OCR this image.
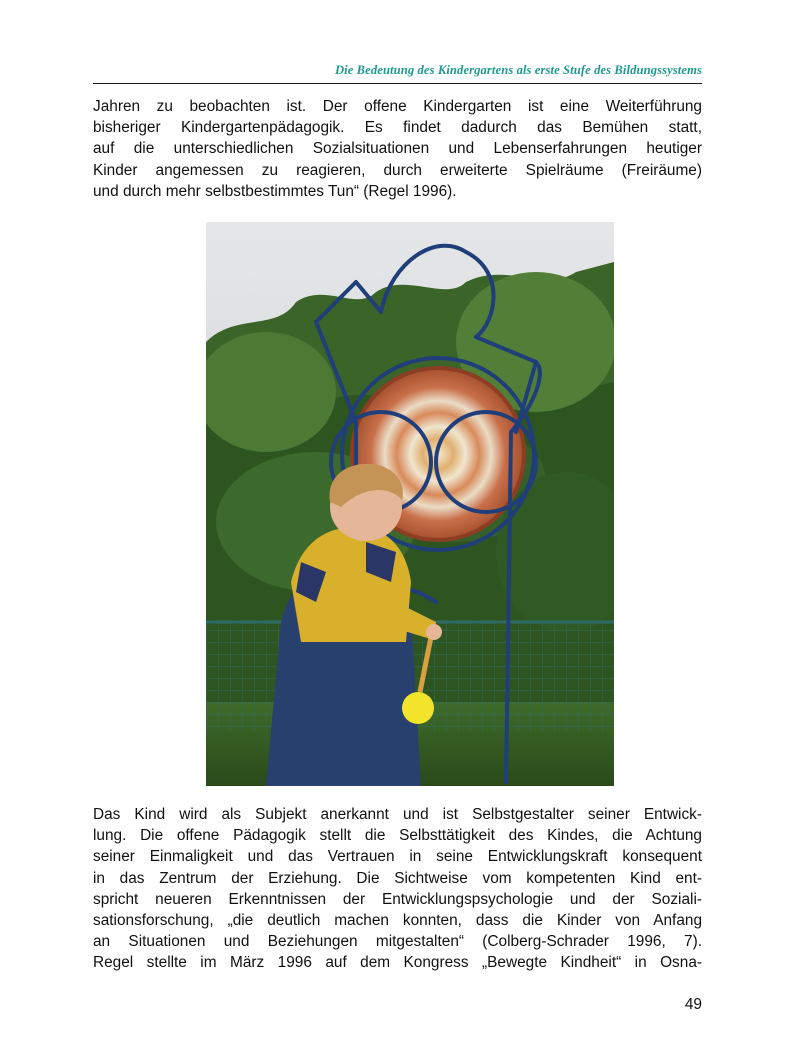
Die Bedeutung des Kindergartens als erste Stufe des Bildungssystems

Jahren zu beobachten ist. Der offene Kindergarten ist eine Weiterführung
bisheriger Kindergartenpädagogik. Es findet dadurch das Bemühen statt,
auf die unterschiedlichen Sozialsituationen und Lebenserfahrungen heutiger
Kinder angemessen zu reagieren, durch erweiterte Spielräume (Freiräume)
und durch mehr selbstbestimmtes Tun“ (Regel 1996).

Das Kind wird als Subjekt anerkannt und ist Selbstgestalter seiner Entwick-
lung. Die offene Pädagogik stellt die Selbsttätigkeit des Kindes, die Achtung
seiner Einmaligkeit und das Vertrauen in seine Entwicklungskraft konsequent
in das Zentrum der Erziehung. Die Sichtweise vom kompetenten Kind ent-
spricht neueren Erkenntnissen der Entwicklungspsychologie und der Soziali-
sationsforschung, „die deutlich machen konnten, dass die Kinder von Anfang
an Situationen und Beziehungen mitgestalten“ (Colberg-Schrader 1996, 7).
Regel stellte im März 1996 auf dem Kongress „Bewegte Kindheit“ in Osna-

49
